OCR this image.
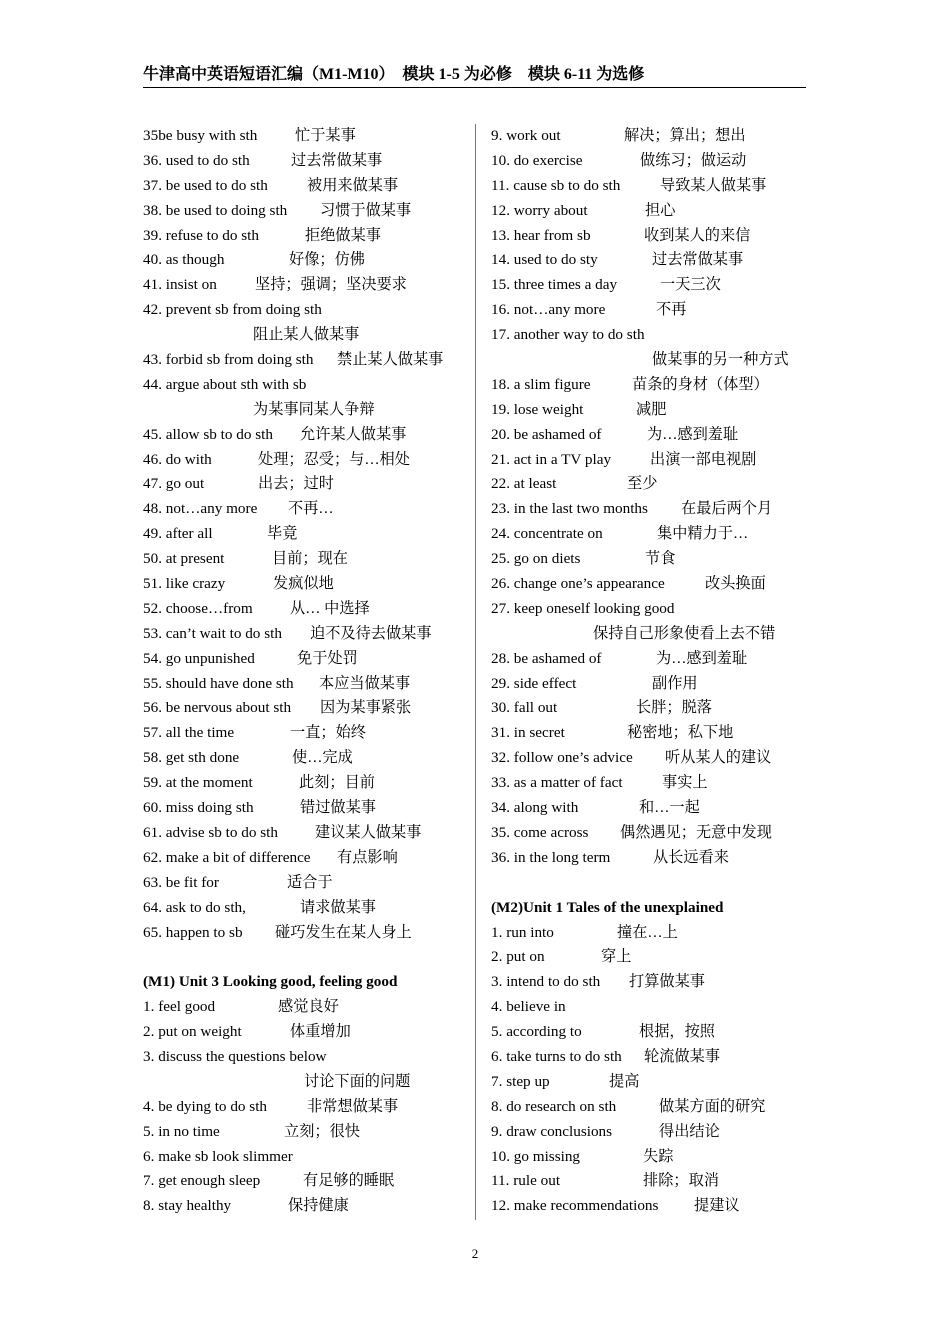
牛津高中英语短语汇编（M1-M10）　模块 1-5 为必修　模块 6-11 为选修
35be busy with sth 忙于某事
36. used to do sth	过去常做某事
37. be used to do sth	被用来做某事
38. be used to doing sth 习惯于做某事
39. refuse to do sth	拒绝做某事
40. as though	好像；仿佛
41. insist on	坚持；强调；坚决要求
42. prevent sb from doing sth
阻止某人做某事
43. forbid sb from doing sth 禁止某人做某事
44. argue about sth with sb
为某事同某人争辩
45. allow sb to do sth 允许某人做某事
46. do with	处理；忍受；与…相处
47. go out	出去；过时
48. not…any more 不再…
49. after all	毕竟
50. at present	目前；现在
51. like crazy	发疯似地
52. choose…from 从… 中选择
53. can’t wait to do sth 迫不及待去做某事
54. go unpunished	免于处罚
55. should have done sth 本应当做某事
56. be nervous about sth 因为某事紧张
57. all the time	一直；始终
58. get sth done	使…完成
59. at the moment	此刻；目前
60. miss doing sth	错过做某事
61. advise sb to do sth 建议某人做某事
62. make a bit of difference 有点影响
63. be fit for	适合于
64. ask to do sth,	请求做某事
65. happen to sb 碰巧发生在某人身上
(M1) Unit 3 Looking good, feeling good
1. feel good	感觉良好
2. put on weight	体重增加
3. discuss the questions below
讨论下面的问题
4. be dying to do sth	非常想做某事
5. in no time	立刻；很快
6. make sb look slimmer
7. get enough sleep	有足够的睡眠
8. stay healthy	保持健康
9. work out	解决；算出；想出
10. do exercise	做练习；做运动
11. cause sb to do sth	导致某人做某事
12. worry about	担心
13. hear from sb	收到某人的来信
14. used to do sty	过去常做某事
15. three times a day	一天三次
16. not…any more	不再
17. another way to do sth
做某事的另一种方式
18. a slim figure	苗条的身材（体型）
19. lose weight	减肥
20. be ashamed of	为…感到羞耻
21. act in a TV play	出演一部电视剧
22. at least	至少
23. in the last two months 在最后两个月
24. concentrate on	集中精力于…
25. go on diets	节食
26. change one’s appearance	改头换面
27. keep oneself looking good
保持自己形象使看上去不错
28. be ashamed of	为…感到羞耻
29. side effect	副作用
30. fall out	长胖；脱落
31. in secret	秘密地；私下地
32. follow one’s advice 听从某人的建议
33. as a matter of fact	事实上
34. along with	和…一起
35. come across 偶然遇见；无意中发现
36. in the long term	从长远看来
(M2)Unit 1 Tales of the unexplained
1. run into	撞在…上
2. put on	穿上
3. intend to do sth 打算做某事
4. believe in
5. according to	根据，按照
6. take turns to do sth 轮流做某事
7. step up	提高
8. do research on sth	做某方面的研究
9. draw conclusions	得出结论
10. go missing	失踪
11. rule out	排除；取消
12. make recommendations 提建议
2
